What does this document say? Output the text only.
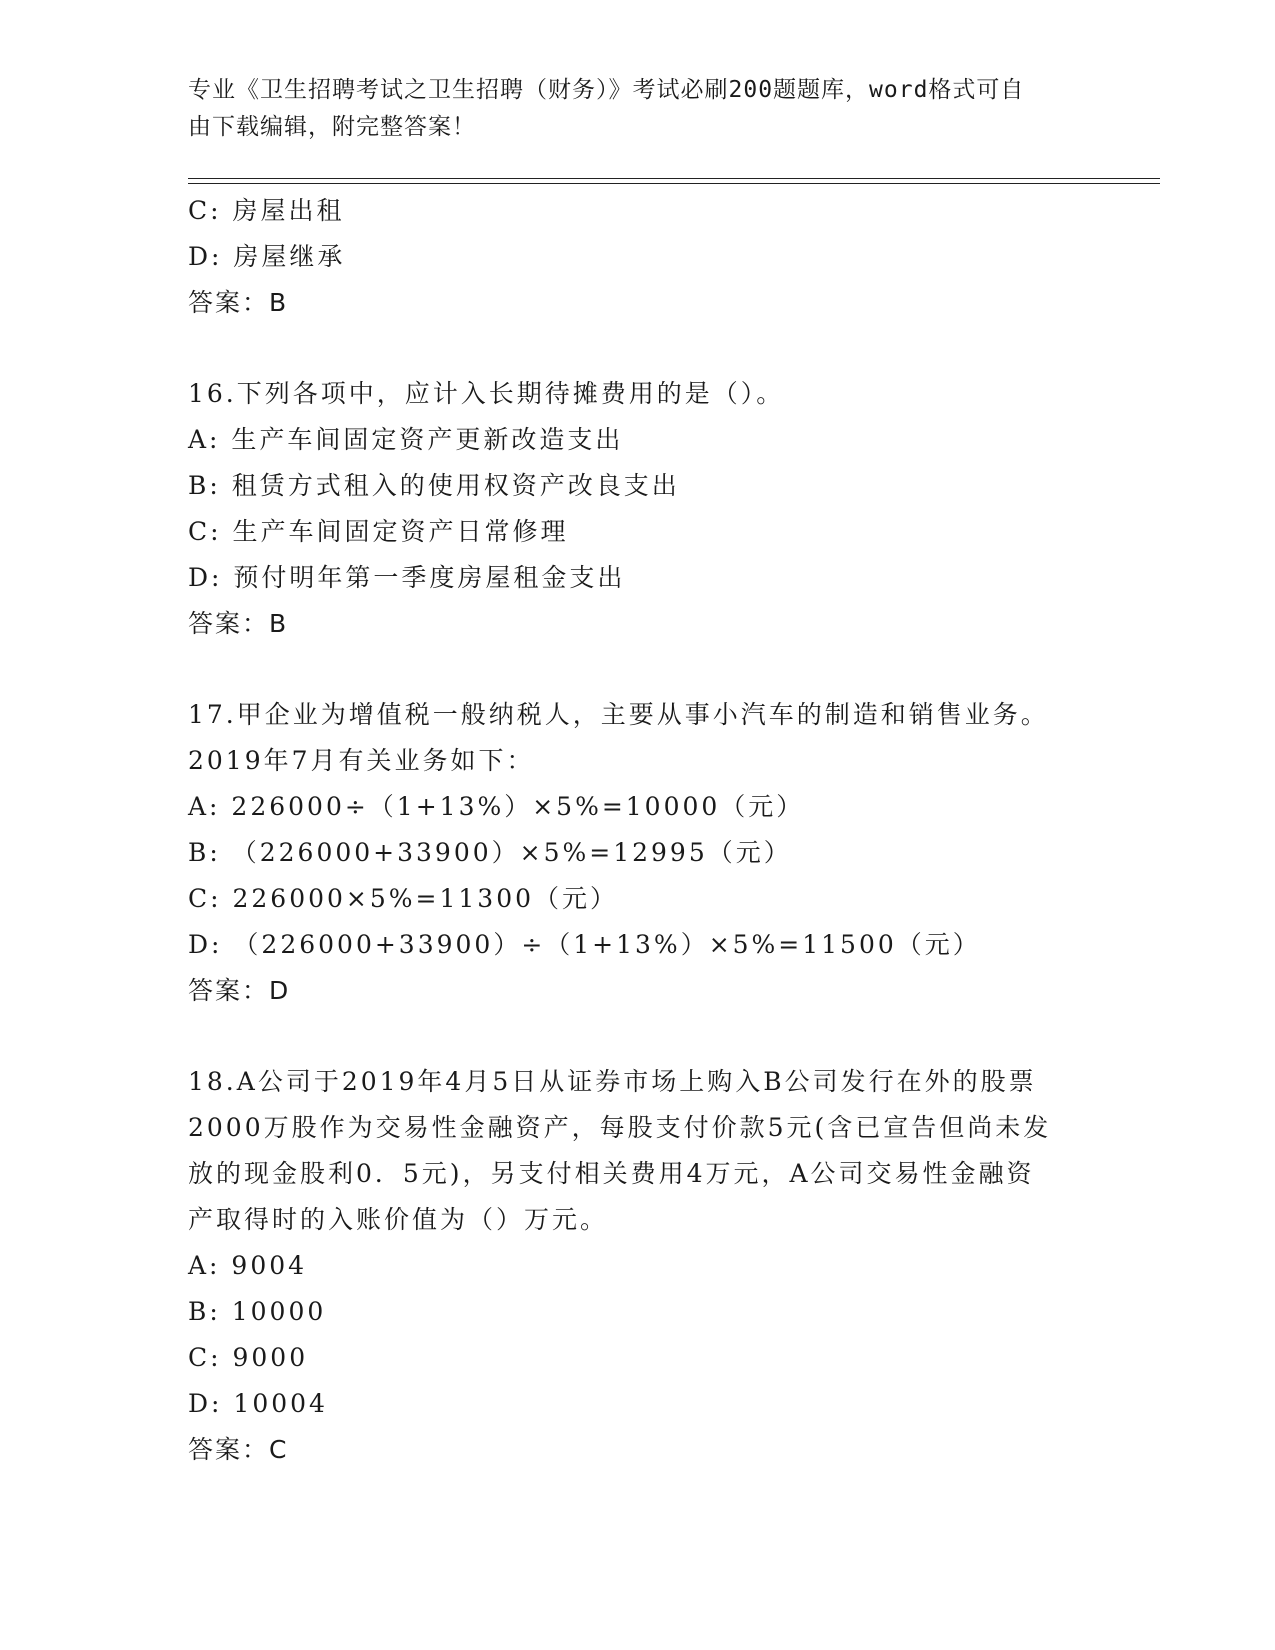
专业《卫生招聘考试之卫生招聘（财务）》考试必刷200题题库，word格式可自
由下载编辑，附完整答案！
C: 房屋出租
D: 房屋继承
答案：B
16.下列各项中，应计入长期待摊费用的是（）。
A: 生产车间固定资产更新改造支出
B: 租赁方式租入的使用权资产改良支出
C: 生产车间固定资产日常修理
D: 预付明年第一季度房屋租金支出
答案：B
17.甲企业为增值税一般纳税人，主要从事小汽车的制造和销售业务。
2019年7月有关业务如下：
A: 226000÷（1+13%）×5%=10000（元）
B: （226000+33900）×5%=12995（元）
C: 226000×5%=11300（元）
D: （226000+33900）÷（1+13%）×5%=11500（元）
答案：D
18.A公司于2019年4月5日从证券市场上购入B公司发行在外的股票
2000万股作为交易性金融资产，每股支付价款5元(含已宣告但尚未发
放的现金股利0．5元)，另支付相关费用4万元，A公司交易性金融资
产取得时的入账价值为（）万元。
A: 9004
B: 10000
C: 9000
D: 10004
答案：C
